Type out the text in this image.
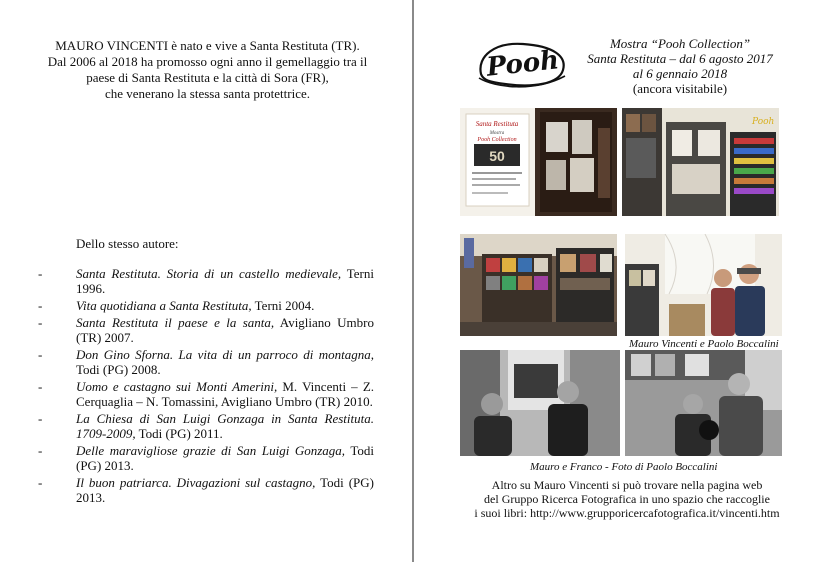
MAURO VINCENTI è nato e vive a Santa Restituta (TR).
Dal 2006 al 2018 ha promosso ogni anno il gemellaggio tra il
paese di Santa Restituta e la città di Sora (FR),
che venerano la stessa santa protettrice.
Dello stesso autore:
-	Santa Restituta. Storia di un castello medievale, Terni 1996.
-	Vita quotidiana a Santa Restituta, Terni 2004.
-	Santa Restituta il paese e la santa, Avigliano Umbro (TR) 2007.
-	Don Gino Sforna. La vita di un parroco di montagna, Todi (PG) 2008.
-	Uomo e castagno sui Monti Amerini, M. Vincenti – Z. Cerquaglia – N. Tomassini, Avigliano Umbro (TR) 2010.
-	La Chiesa di San Luigi Gonzaga in Santa Restituta. 1709-2009, Todi (PG) 2011.
-	Delle maravigliose grazie di San Luigi Gonzaga, Todi (PG) 2013.
-	Il buon patriarca. Divagazioni sul castagno, Todi (PG) 2013.
Pooh
Mostra “Pooh Collection”
Santa Restituta – dal 6 agosto 2017
al 6 gennaio 2018
(ancora visitabile)
Santa Restituta
Mostra
Pooh Collection
50
Pooh
Mauro Vincenti e Paolo Boccalini
Mauro e Franco - Foto di Paolo Boccalini
Altro su Mauro Vincenti si può trovare nella pagina web
del Gruppo Ricerca Fotografica in uno spazio che raccoglie
i suoi libri: http://www.grupporicercafotografica.it/vincenti.htm
